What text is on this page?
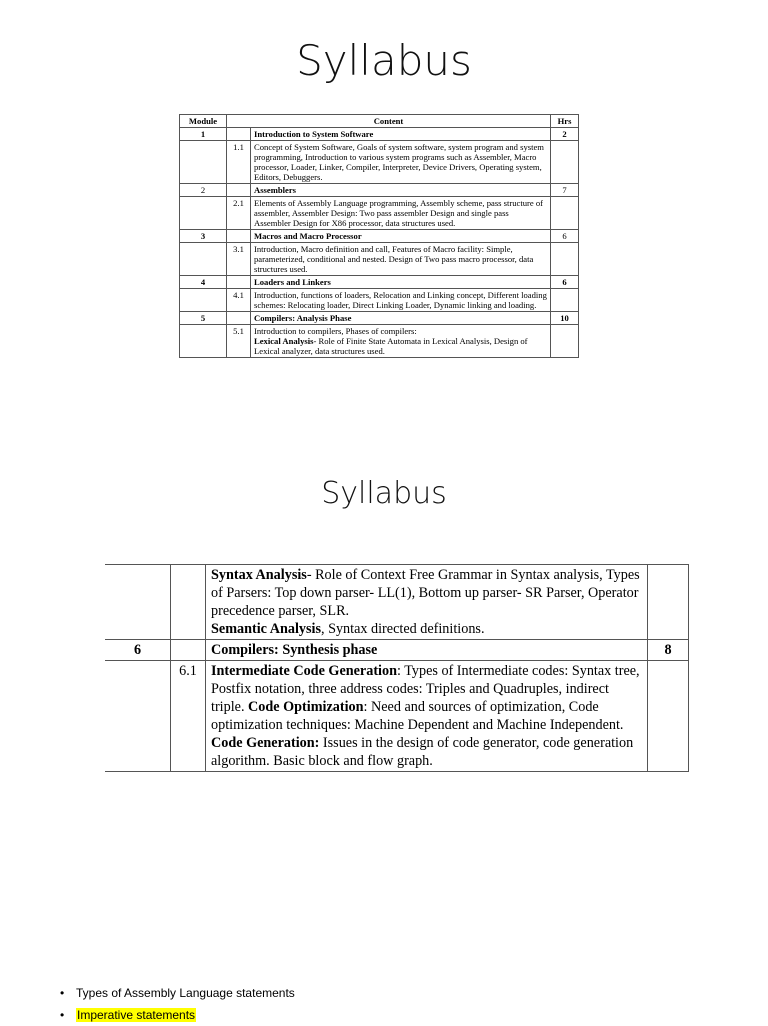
Syllabus
Module	Content		Hrs
1		Introduction to System Software	2
	1.1	Concept of System Software, Goals of system software, system program and system programming, Introduction to various system programs such as Assembler, Macro processor, Loader, Linker, Compiler, Interpreter, Device Drivers, Operating system, Editors, Debuggers.	
2		Assemblers	7
	2.1	Elements of Assembly Language programming, Assembly scheme, pass structure of assembler, Assembler Design: Two pass assembler Design and single pass Assembler Design for X86 processor, data structures used.	
3		Macros and Macro Processor	6
	3.1	Introduction, Macro definition and call, Features of Macro facility: Simple, parameterized, conditional and nested. Design of Two pass macro processor, data structures used.	
4		Loaders and Linkers	6
	4.1	Introduction, functions of loaders, Relocation and Linking concept, Different loading schemes: Relocating loader, Direct Linking Loader, Dynamic linking and loading.	
5		Compilers: Analysis Phase	10
	5.1	Introduction to compilers, Phases of compilers:
Lexical Analysis- Role of Finite State Automata in Lexical Analysis, Design of Lexical analyzer, data structures used.	
Syllabus
		Syntax Analysis- Role of Context Free Grammar in Syntax analysis, Types of Parsers: Top down parser- LL(1), Bottom up parser- SR Parser, Operator precedence parser, SLR.
Semantic Analysis, Syntax directed definitions.	
6		Compilers: Synthesis phase	8
	6.1	Intermediate Code Generation: Types of Intermediate codes: Syntax tree, Postfix notation, three address codes: Triples and Quadruples, indirect triple. Code Optimization: Need and sources of optimization, Code optimization techniques: Machine Dependent and Machine Independent. Code Generation: Issues in the design of code generator, code generation algorithm. Basic block and flow graph.	
• Types of Assembly Language statements
•	Imperative statements
